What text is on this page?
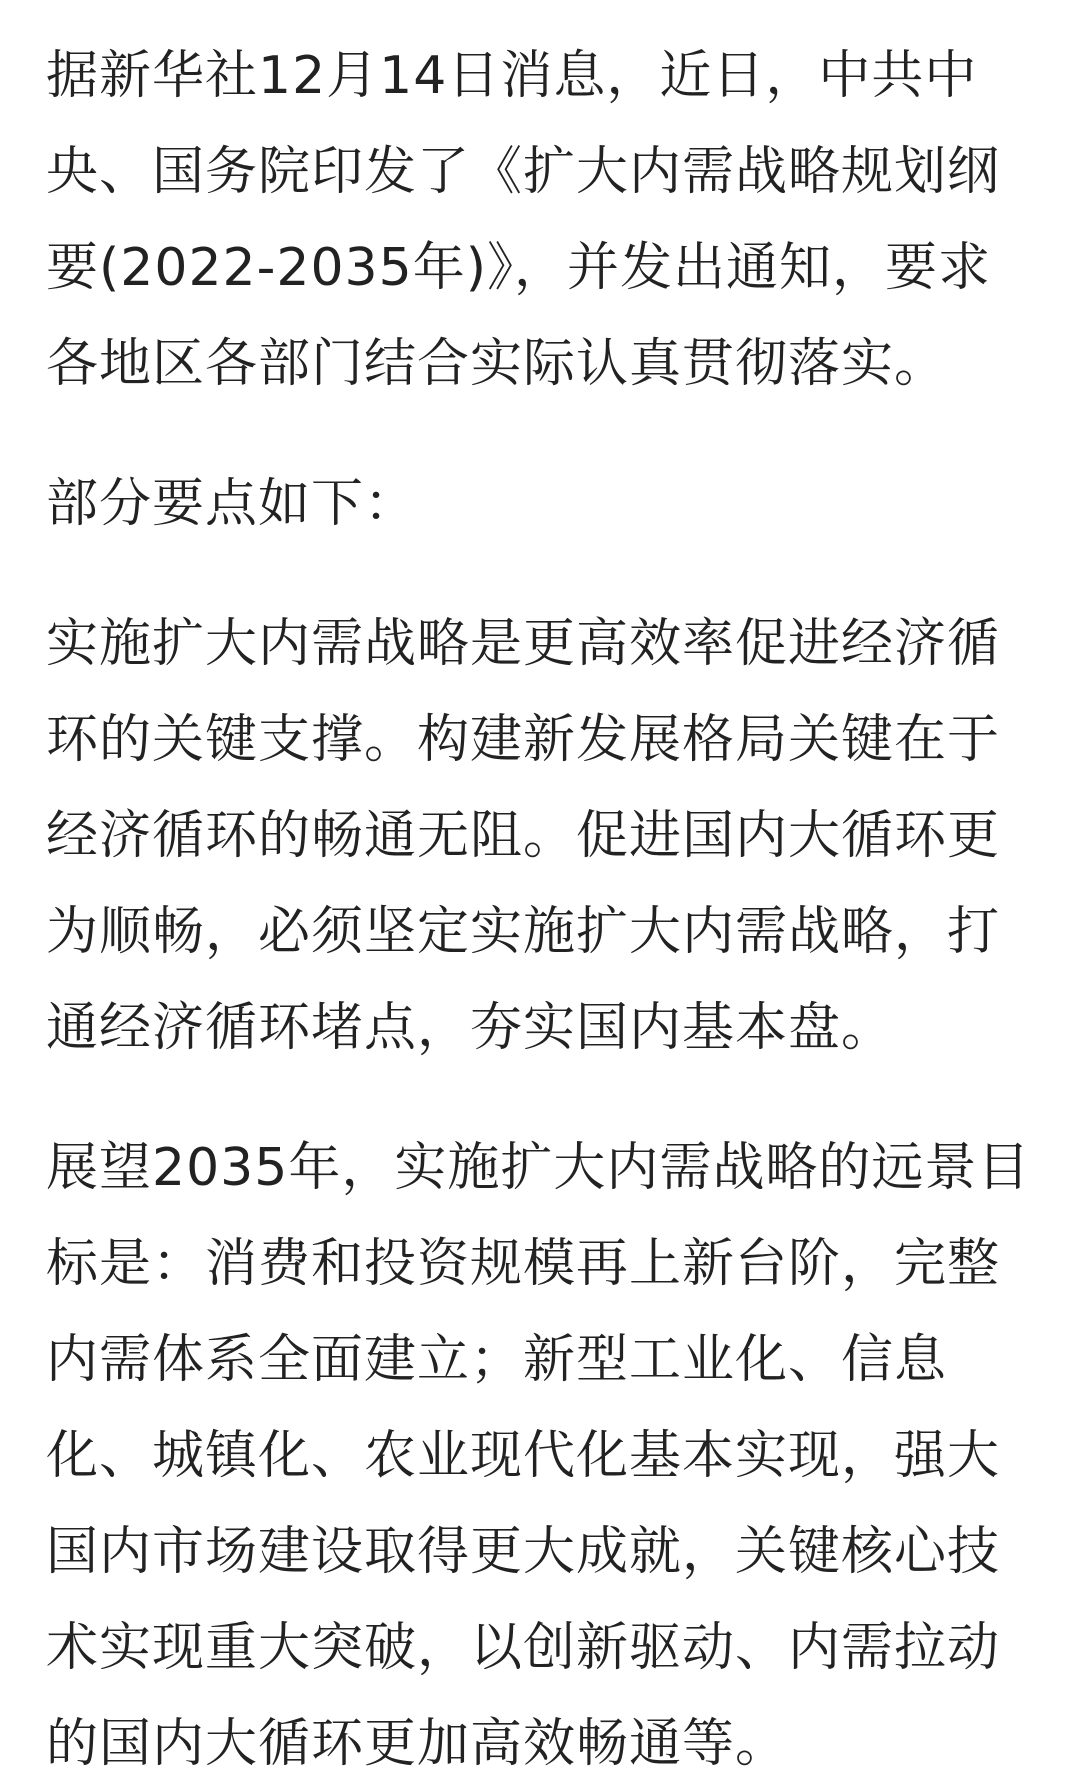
据新华社12月14日消息，近日，中共中央、国务院印发了《扩大内需战略规划纲要(2022-2035年)》，并发出通知，要求各地区各部门结合实际认真贯彻落实。

部分要点如下：

实施扩大内需战略是更高效率促进经济循环的关键支撑。构建新发展格局关键在于经济循环的畅通无阻。促进国内大循环更为顺畅，必须坚定实施扩大内需战略，打通经济循环堵点，夯实国内基本盘。

展望2035年，实施扩大内需战略的远景目标是：消费和投资规模再上新台阶，完整内需体系全面建立；新型工业化、信息化、城镇化、农业现代化基本实现，强大国内市场建设取得更大成就，关键核心技术实现重大突破，以创新驱动、内需拉动的国内大循环更加高效畅通等。
